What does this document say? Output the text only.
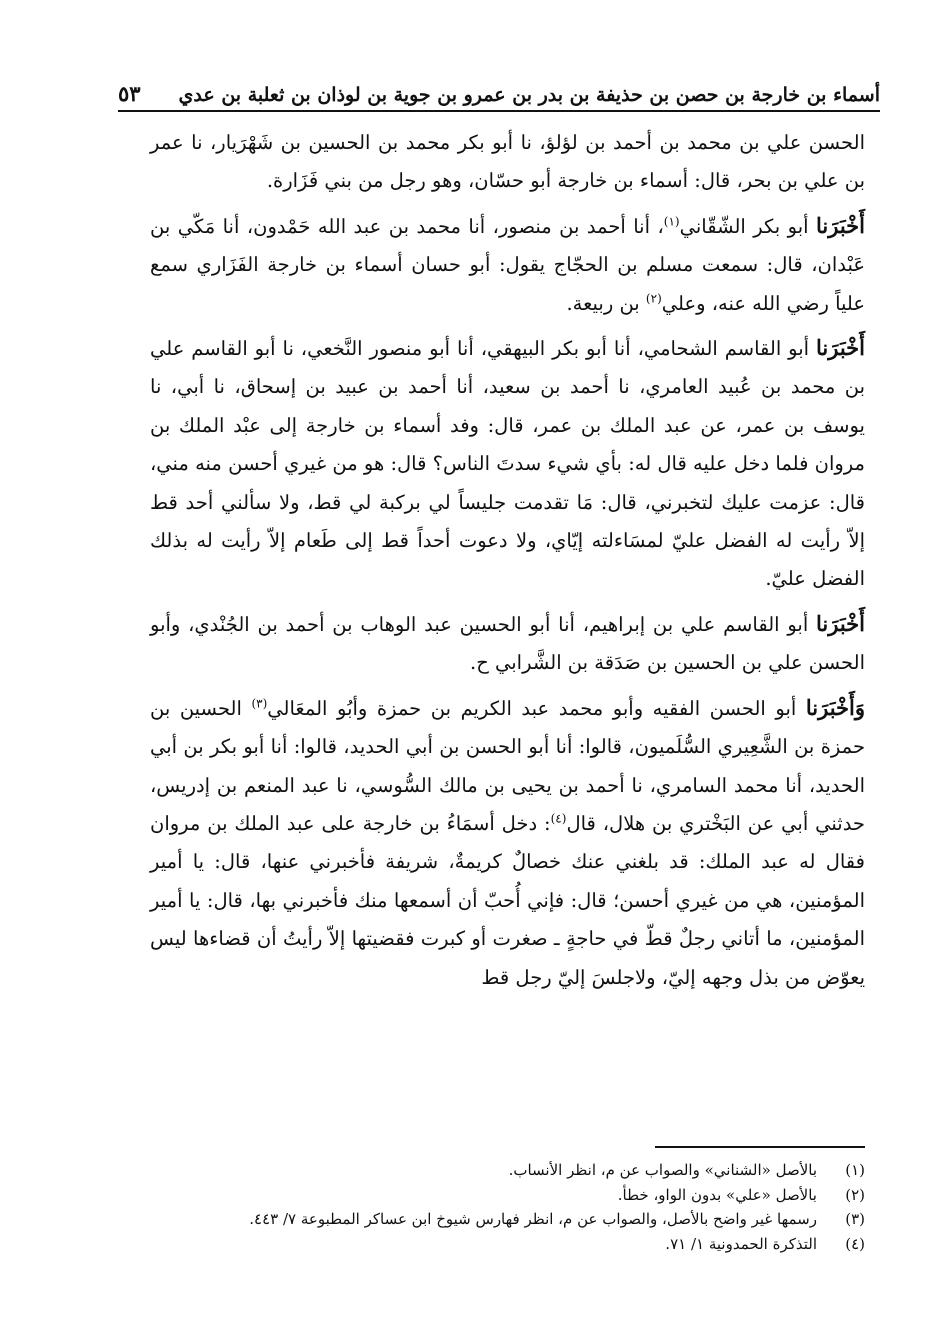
أسماء بن خارجة بن حصن بن حذيفة بن بدر بن عمرو بن جوية بن لوذان بن ثعلبة بن عدي
٥٣

الحسن علي بن محمد بن أحمد بن لؤلؤ، نا أبو بكر محمد بن الحسين بن شَهْرَيار، نا عمر بن علي بن بحر، قال: أسماء بن خارجة أبو حسّان، وهو رجل من بني فَزَارة.

أَخْبَرَنا أبو بكر الشّقّاني$^{(١)}$، أنا أحمد بن منصور، أنا محمد بن عبد الله حَمْدون، أنا مَكّي بن عَبْدان، قال: سمعت مسلم بن الحجّاج يقول: أبو حسان أسماء بن خارجة الفَزَاري سمع علياً رضي الله عنه، وعلي$^{(٢)}$ بن ربيعة.

أَخْبَرَنا أبو القاسم الشحامي، أنا أبو بكر البيهقي، أنا أبو منصور النَّخعي، نا أبو القاسم علي بن محمد بن عُبيد العامري، نا أحمد بن سعيد، أنا أحمد بن عبيد بن إسحاق، نا أبي، نا يوسف بن عمر، عن عبد الملك بن عمر، قال: وفد أسماء بن خارجة إلى عبْد الملك بن مروان فلما دخل عليه قال له: بأي شيء سدتَ الناس؟ قال: هو من غيري أحسن منه مني، قال: عزمت عليك لتخبرني، قال: مَا تقدمت جليساً لي بركبة لي قط، ولا سألني أحد قط إلاّ رأيت له الفضل عليّ لمسَاءلته إيّاي، ولا دعوت أحداً قط إلى طَعام إلاّ رأيت له بذلك الفضل عليّ.

أَخْبَرَنا أبو القاسم علي بن إبراهيم، أنا أبو الحسين عبد الوهاب بن أحمد بن الجُنْدي، وأبو الحسن علي بن الحسين بن صَدَقة بن الشَّرابي ح.

وَأَخْبَرَنا أبو الحسن الفقيه وأبو محمد عبد الكريم بن حمزة وأبُو المعَالي$^{(٣)}$ الحسين بن حمزة بن الشَّعِيري السُّلَميون، قالوا: أنا أبو الحسن بن أبي الحديد، قالوا: أنا أبو بكر بن أبي الحديد، أنا محمد السامري، نا أحمد بن يحيى بن مالك السُّوسي، نا عبد المنعم بن إدريس، حدثني أبي عن البَخْتري بن هلال، قال$^{(٤)}$: دخل أسمَاءُ بن خارجة على عبد الملك بن مروان فقال له عبد الملك: قد بلغني عنك خصالٌ كريمةٌ، شريفة فأخبرني عنها، قال: يا أمير المؤمنين، هي من غيري أحسن؛ قال: فإني أُحبّ أن أسمعها منك فأخبرني بها، قال: يا أمير المؤمنين، ما أتاني رجلٌ قطّ في حاجةٍ ـ صغرت أو كبرت فقضيتها إلاّ رأيتُ أن قضاءها ليس يعوّض من بذل وجهه إليّ، ولاجلسَ إليّ رجل قط

(١)
بالأصل «الشناني» والصواب عن م، انظر الأنساب.
(٢)
بالأصل «علي» بدون الواو، خطأ.
(٣)
رسمها غير واضح بالأصل، والصواب عن م، انظر فهارس شيوخ ابن عساكر المطبوعة ٧/ ٤٤٣.
(٤)
التذكرة الحمدونية ١/ ٧١.
